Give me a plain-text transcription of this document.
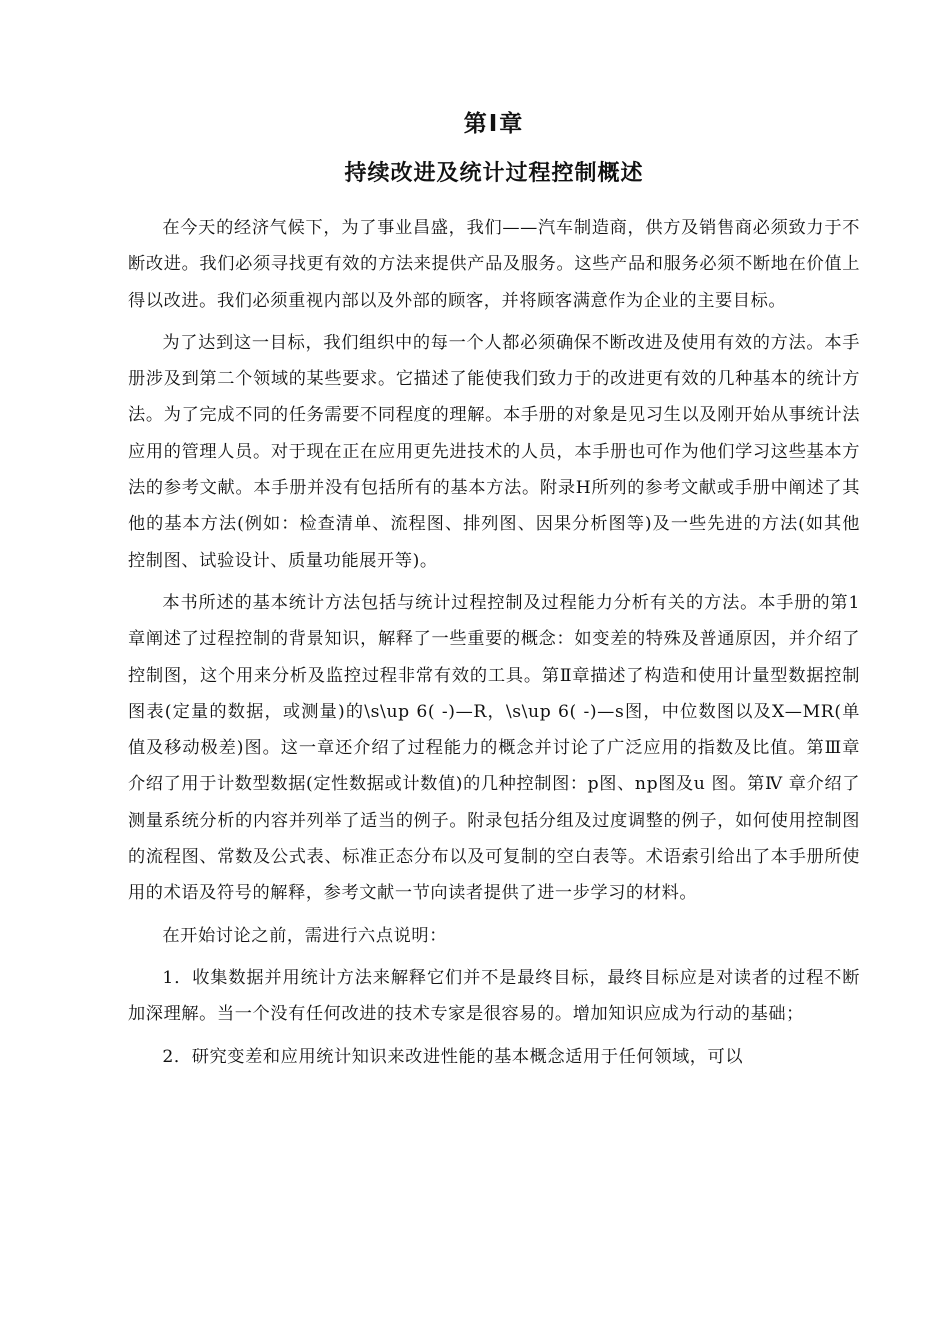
第Ⅰ章
持续改进及统计过程控制概述

在今天的经济气候下，为了事业昌盛，我们——汽车制造商，供方及销售商必须致力于不断改进。我们必须寻找更有效的方法来提供产品及服务。这些产品和服务必须不断地在价值上得以改进。我们必须重视内部以及外部的顾客，并将顾客满意作为企业的主要目标。

为了达到这一目标，我们组织中的每一个人都必须确保不断改进及使用有效的方法。本手册涉及到第二个领域的某些要求。它描述了能使我们致力于的改进更有效的几种基本的统计方法。为了完成不同的任务需要不同程度的理解。本手册的对象是见习生以及刚开始从事统计法应用的管理人员。对于现在正在应用更先进技术的人员，本手册也可作为他们学习这些基本方法的参考文献。本手册并没有包括所有的基本方法。附录H所列的参考文献或手册中阐述了其他的基本方法(例如：检查清单、流程图、排列图、因果分析图等)及一些先进的方法(如其他控制图、试验设计、质量功能展开等)。

本书所述的基本统计方法包括与统计过程控制及过程能力分析有关的方法。本手册的第1章阐述了过程控制的背景知识，解释了一些重要的概念：如变差的特殊及普通原因，并介绍了控制图，这个用来分析及监控过程非常有效的工具。第Ⅱ章描述了构造和使用计量型数据控制图表(定量的数据，或测量)的\s\up 6( -)—R，\s\up 6( -)—s图，中位数图以及X—MR(单值及移动极差)图。这一章还介绍了过程能力的概念并讨论了广泛应用的指数及比值。第Ⅲ章介绍了用于计数型数据(定性数据或计数值)的几种控制图：p图、np图及u 图。第Ⅳ 章介绍了测量系统分析的内容并列举了适当的例子。附录包括分组及过度调整的例子，如何使用控制图的流程图、常数及公式表、标准正态分布以及可复制的空白表等。术语索引给出了本手册所使用的术语及符号的解释，参考文献一节向读者提供了进一步学习的材料。

在开始讨论之前，需进行六点说明：

1．收集数据并用统计方法来解释它们并不是最终目标，最终目标应是对读者的过程不断加深理解。当一个没有任何改进的技术专家是很容易的。增加知识应成为行动的基础；

2．研究变差和应用统计知识来改进性能的基本概念适用于任何领域，可以
